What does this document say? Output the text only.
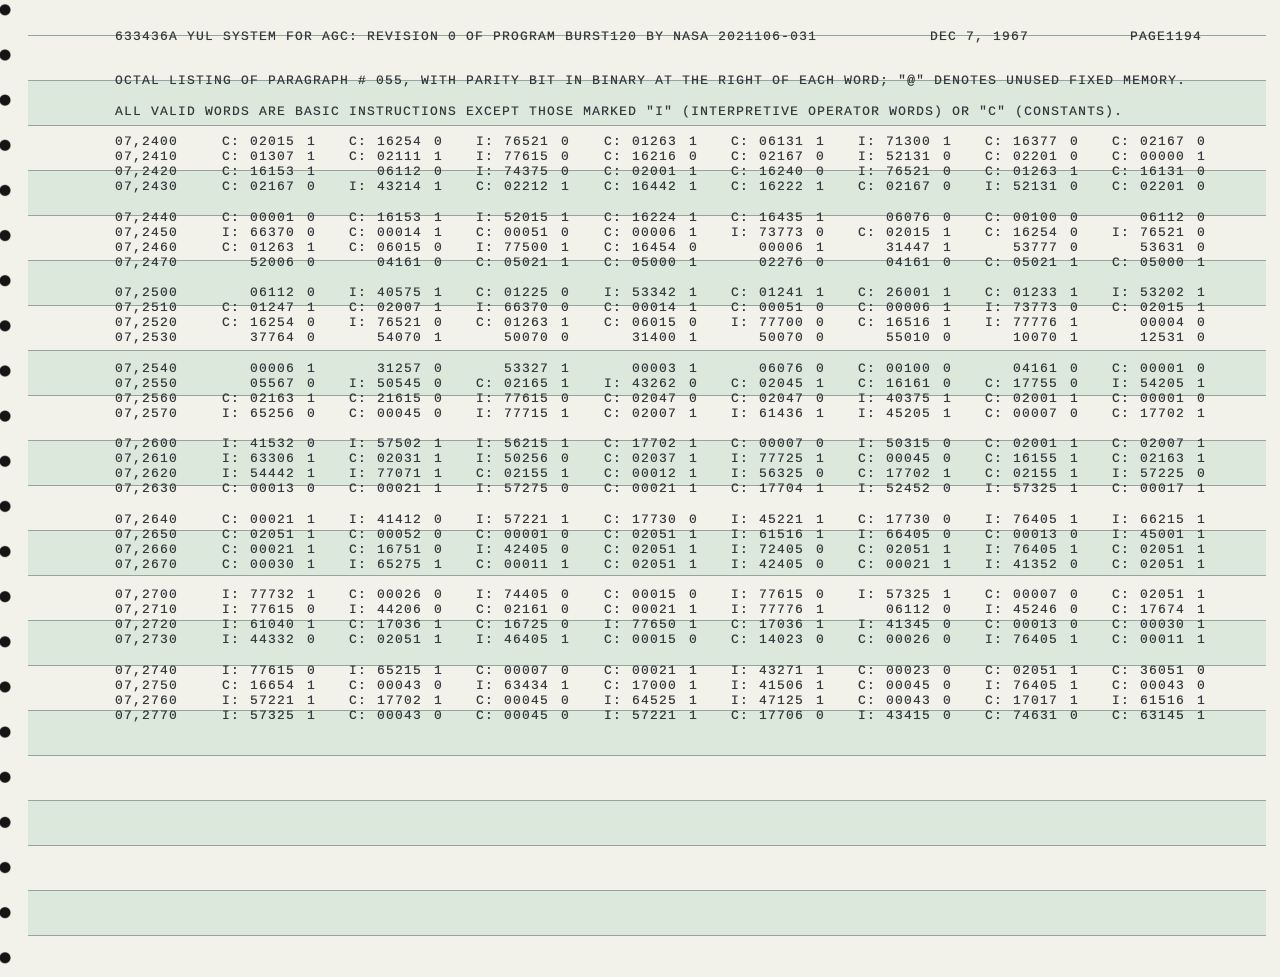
633436A YUL SYSTEM FOR AGC: REVISION 0 OF PROGRAM BURST120 BY NASA 2021106-031	DEC 7, 1967	PAGE1194
OCTAL LISTING OF PARAGRAPH # 055, WITH PARITY BIT IN BINARY AT THE RIGHT OF EACH WORD; "@" DENOTES UNUSED FIXED MEMORY.
ALL VALID WORDS ARE BASIC INSTRUCTIONS EXCEPT THOSE MARKED "I" (INTERPRETIVE OPERATOR WORDS) OR "C" (CONSTANTS).
07,2400	C: 02015 1	C: 16254 0	I: 76521 0	C: 01263 1	C: 06131 1	I: 71300 1	C: 16377 0	C: 02167 0
07,2410	C: 01307 1	C: 02111 1	I: 77615 0	C: 16216 0	C: 02167 0	I: 52131 0	C: 02201 0	C: 00000 1
07,2420	C: 16153 1	06112 0	I: 74375 0	C: 02001 1	C: 16240 0	I: 76521 0	C: 01263 1	C: 16131 0
07,2430	C: 02167 0	I: 43214 1	C: 02212 1	C: 16442 1	C: 16222 1	C: 02167 0	I: 52131 0	C: 02201 0
07,2440	C: 00001 0	C: 16153 1	I: 52015 1	C: 16224 1	C: 16435 1	06076 0	C: 00100 0	06112 0
07,2450	I: 66370 0	C: 00014 1	C: 00051 0	C: 00006 1	I: 73773 0	C: 02015 1	C: 16254 0	I: 76521 0
07,2460	C: 01263 1	C: 06015 0	I: 77500 1	C: 16454 0	00006 1	31447 1	53777 0	53631 0
07,2470	52006 0	04161 0	C: 05021 1	C: 05000 1	02276 0	04161 0	C: 05021 1	C: 05000 1
07,2500	06112 0	I: 40575 1	C: 01225 0	I: 53342 1	C: 01241 1	C: 26001 1	C: 01233 1	I: 53202 1
07,2510	C: 01247 1	C: 02007 1	I: 66370 0	C: 00014 1	C: 00051 0	C: 00006 1	I: 73773 0	C: 02015 1
07,2520	C: 16254 0	I: 76521 0	C: 01263 1	C: 06015 0	I: 77700 0	C: 16516 1	I: 77776 1	00004 0
07,2530	37764 0	54070 1	50070 0	31400 1	50070 0	55010 0	10070 1	12531 0
07,2540	00006 1	31257 0	53327 1	00003 1	06076 0	C: 00100 0	04161 0	C: 00001 0
07,2550	05567 0	I: 50545 0	C: 02165 1	I: 43262 0	C: 02045 1	C: 16161 0	C: 17755 0	I: 54205 1
07,2560	C: 02163 1	C: 21615 0	I: 77615 0	C: 02047 0	C: 02047 0	I: 40375 1	C: 02001 1	C: 00001 0
07,2570	I: 65256 0	C: 00045 0	I: 77715 1	C: 02007 1	I: 61436 1	I: 45205 1	C: 00007 0	C: 17702 1
07,2600	I: 41532 0	I: 57502 1	I: 56215 1	C: 17702 1	C: 00007 0	I: 50315 0	C: 02001 1	C: 02007 1
07,2610	I: 63306 1	C: 02031 1	I: 50256 0	C: 02037 1	I: 77725 1	C: 00045 0	C: 16155 1	C: 02163 1
07,2620	I: 54442 1	I: 77071 1	C: 02155 1	C: 00012 1	I: 56325 0	C: 17702 1	C: 02155 1	I: 57225 0
07,2630	C: 00013 0	C: 00021 1	I: 57275 0	C: 00021 1	C: 17704 1	I: 52452 0	I: 57325 1	C: 00017 1
07,2640	C: 00021 1	I: 41412 0	I: 57221 1	C: 17730 0	I: 45221 1	C: 17730 0	I: 76405 1	I: 66215 1
07,2650	C: 02051 1	C: 00052 0	C: 00001 0	C: 02051 1	I: 61516 1	I: 66405 0	C: 00013 0	I: 45001 1
07,2660	C: 00021 1	C: 16751 0	I: 42405 0	C: 02051 1	I: 72405 0	C: 02051 1	I: 76405 1	C: 02051 1
07,2670	C: 00030 1	I: 65275 1	C: 00011 1	C: 02051 1	I: 42405 0	C: 00021 1	I: 41352 0	C: 02051 1
07,2700	I: 77732 1	C: 00026 0	I: 74405 0	C: 00015 0	I: 77615 0	I: 57325 1	C: 00007 0	C: 02051 1
07,2710	I: 77615 0	I: 44206 0	C: 02161 0	C: 00021 1	I: 77776 1	06112 0	I: 45246 0	C: 17674 1
07,2720	I: 61040 1	C: 17036 1	C: 16725 0	I: 77650 1	C: 17036 1	I: 41345 0	C: 00013 0	C: 00030 1
07,2730	I: 44332 0	C: 02051 1	I: 46405 1	C: 00015 0	C: 14023 0	C: 00026 0	I: 76405 1	C: 00011 1
07,2740	I: 77615 0	I: 65215 1	C: 00007 0	C: 00021 1	I: 43271 1	C: 00023 0	C: 02051 1	C: 36051 0
07,2750	C: 16654 1	C: 00043 0	I: 63434 1	C: 17000 1	I: 41506 1	C: 00045 0	I: 76405 1	C: 00043 0
07,2760	I: 57221 1	C: 17702 1	C: 00045 0	I: 64525 1	I: 47125 1	C: 00043 0	C: 17017 1	I: 61516 1
07,2770	I: 57325 1	C: 00043 0	C: 00045 0	I: 57221 1	C: 17706 0	I: 43415 0	C: 74631 0	C: 63145 1
